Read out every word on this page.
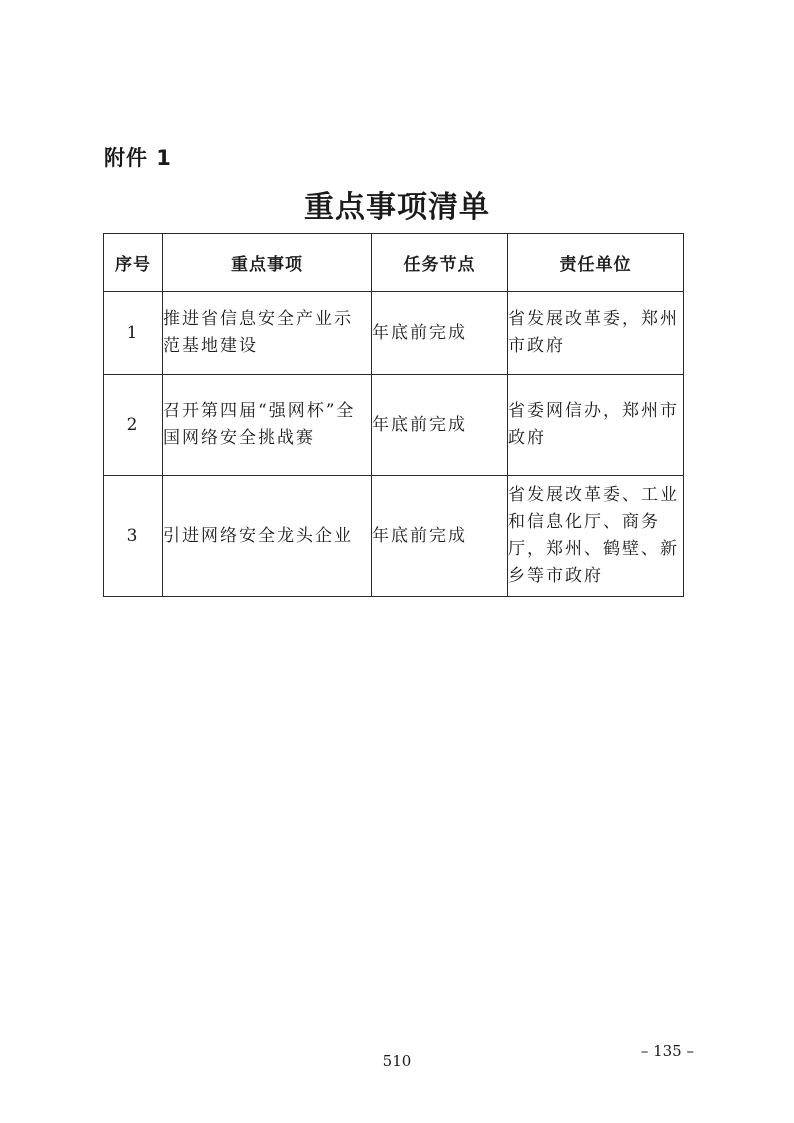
附件 1
重点事项清单
序号	重点事项	任务节点	责任单位
1	推进省信息安全产业示范基地建设	年底前完成	省发展改革委，郑州市政府
2	召开第四届“强网杯”全国网络安全挑战赛	年底前完成	省委网信办，郑州市政府
3	引进网络安全龙头企业	年底前完成	省发展改革委、工业和信息化厅、商务厅，郑州、鹤壁、新乡等市政府
– 135 –
510
